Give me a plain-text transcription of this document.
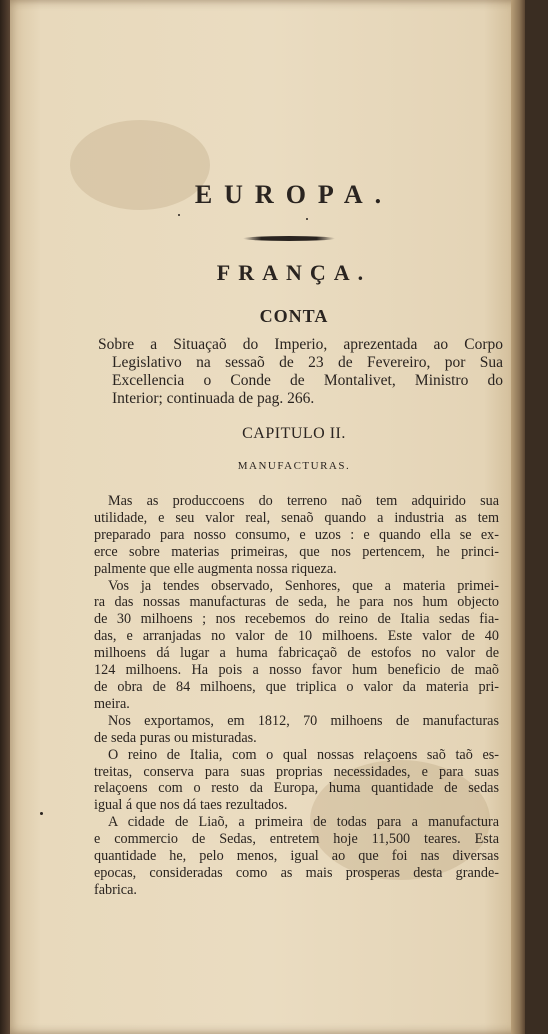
EUROPA.
FRANÇA.
CONTA
Sobre a Situaçaõ do Imperio, aprezentada ao Corpo
Legislativo na sessaõ de 23 de Fevereiro, por Sua
Excellencia o Conde de Montalivet, Ministro do
Interior; continuada de pag. 266.
CAPITULO II.
MANUFACTURAS.
Mas as produccoens do terreno naõ tem adquirido sua
utilidade, e seu valor real, senaõ quando a industria as tem
preparado para nosso consumo, e uzos : e quando ella se ex-
erce sobre materias primeiras, que nos pertencem, he princi-
palmente que elle augmenta nossa riqueza.
Vos ja tendes observado, Senhores, que a materia primei-
ra das nossas manufacturas de seda, he para nos hum objecto
de 30 milhoens ; nos recebemos do reino de Italia sedas fia-
das, e arranjadas no valor de 10 milhoens. Este valor de 40
milhoens dá lugar a huma fabricaçaõ de estofos no valor de
124 milhoens. Ha pois a nosso favor hum beneficio de maõ
de obra de 84 milhoens, que triplica o valor da materia pri-
meira.
Nos exportamos, em 1812, 70 milhoens de manufacturas
de seda puras ou misturadas.
O reino de Italia, com o qual nossas relaçoens saõ taõ es-
treitas, conserva para suas proprias necessidades, e para suas
relaçoens com o resto da Europa, huma quantidade de sedas
igual á que nos dá taes rezultados.
A cidade de Liaõ, a primeira de todas para a manufactura
e commercio de Sedas, entretem hoje 11,500 teares. Esta
quantidade he, pelo menos, igual ao que foi nas diversas
epocas, consideradas como as mais prosperas desta grande-
fabrica.
